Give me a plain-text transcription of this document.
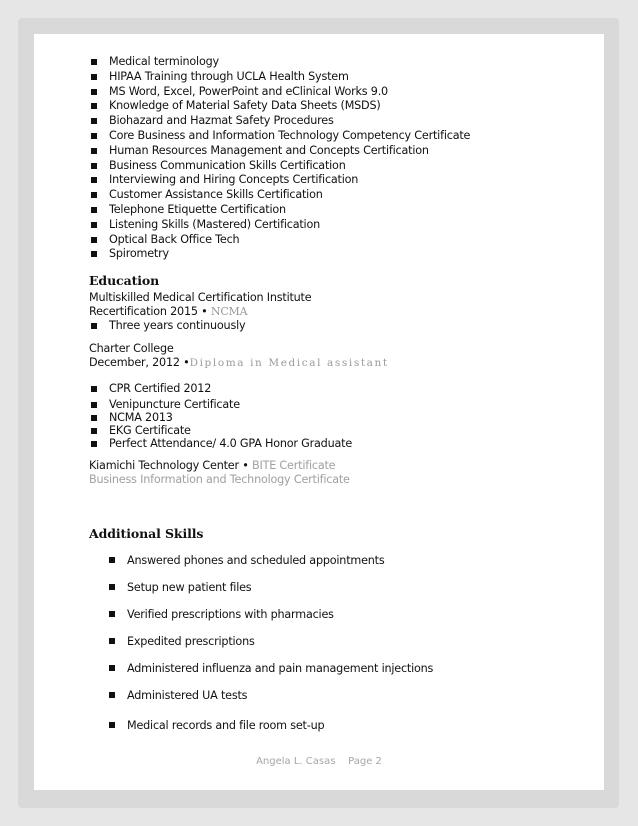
Medical terminology
HIPAA Training through UCLA Health System
MS Word, Excel, PowerPoint and eClinical Works 9.0
Knowledge of Material Safety Data Sheets (MSDS)
Biohazard and Hazmat Safety Procedures
Core Business and Information Technology Competency Certificate
Human Resources Management and Concepts Certification
Business Communication Skills Certification
Interviewing and Hiring Concepts Certification
Customer Assistance Skills Certification
Telephone Etiquette Certification
Listening Skills (Mastered) Certification
Optical Back Office Tech
Spirometry
Education
Multiskilled Medical Certification Institute
Recertification 2015 • NCMA
Three years continuously
Charter College
December, 2012 •Diploma in Medical assistant
CPR Certified 2012
Venipuncture Certificate
NCMA 2013
EKG Certificate
Perfect Attendance/ 4.0 GPA Honor Graduate
Kiamichi Technology Center • BITE Certificate
Business Information and Technology Certificate
Additional Skills
Answered phones and scheduled appointments
Setup new patient files
Verified prescriptions with pharmacies
Expedited prescriptions
Administered influenza and pain management injections
Administered UA tests
Medical records and file room set-up
Angela L. Casas    Page 2
